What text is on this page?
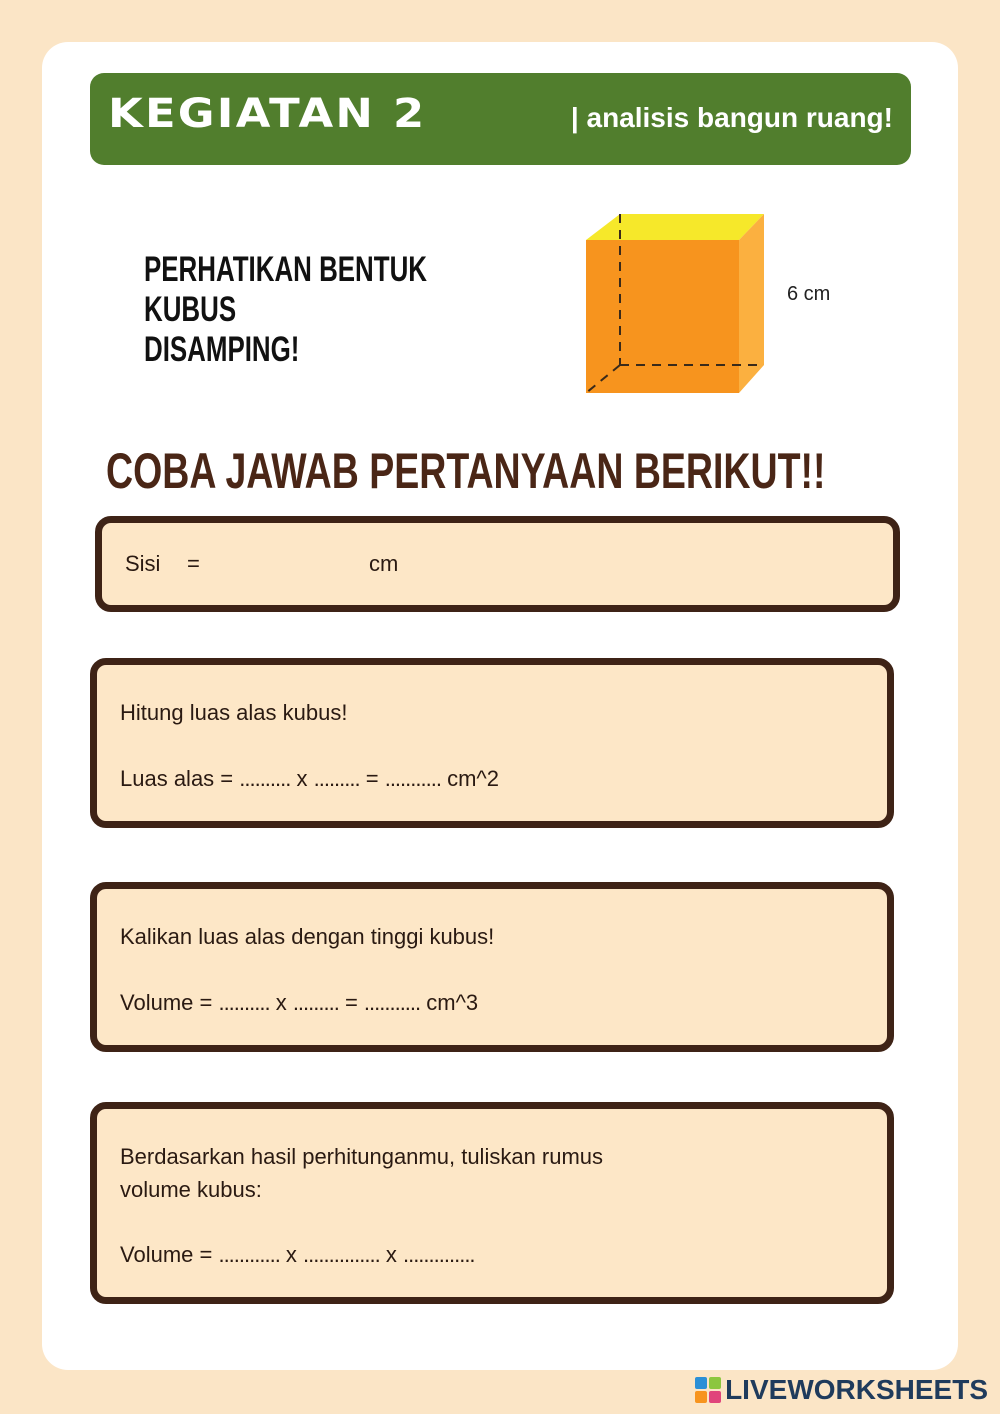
KEGIATAN 2	| analisis bangun ruang!
PERHATIKAN BENTUK KUBUS
DISAMPING!
6 cm
COBA JAWAB PERTANYAAN BERIKUT!!
Sisi =	cm
Hitung luas alas kubus!
Luas alas = .......... x ......... = ........... cm^2
Kalikan luas alas dengan tinggi kubus!
Volume = .......... x ......... = ........... cm^3
Berdasarkan hasil perhitunganmu, tuliskan rumus
volume kubus:
Volume = ............ x ............... x ..............
LIVEWORKSHEETS
